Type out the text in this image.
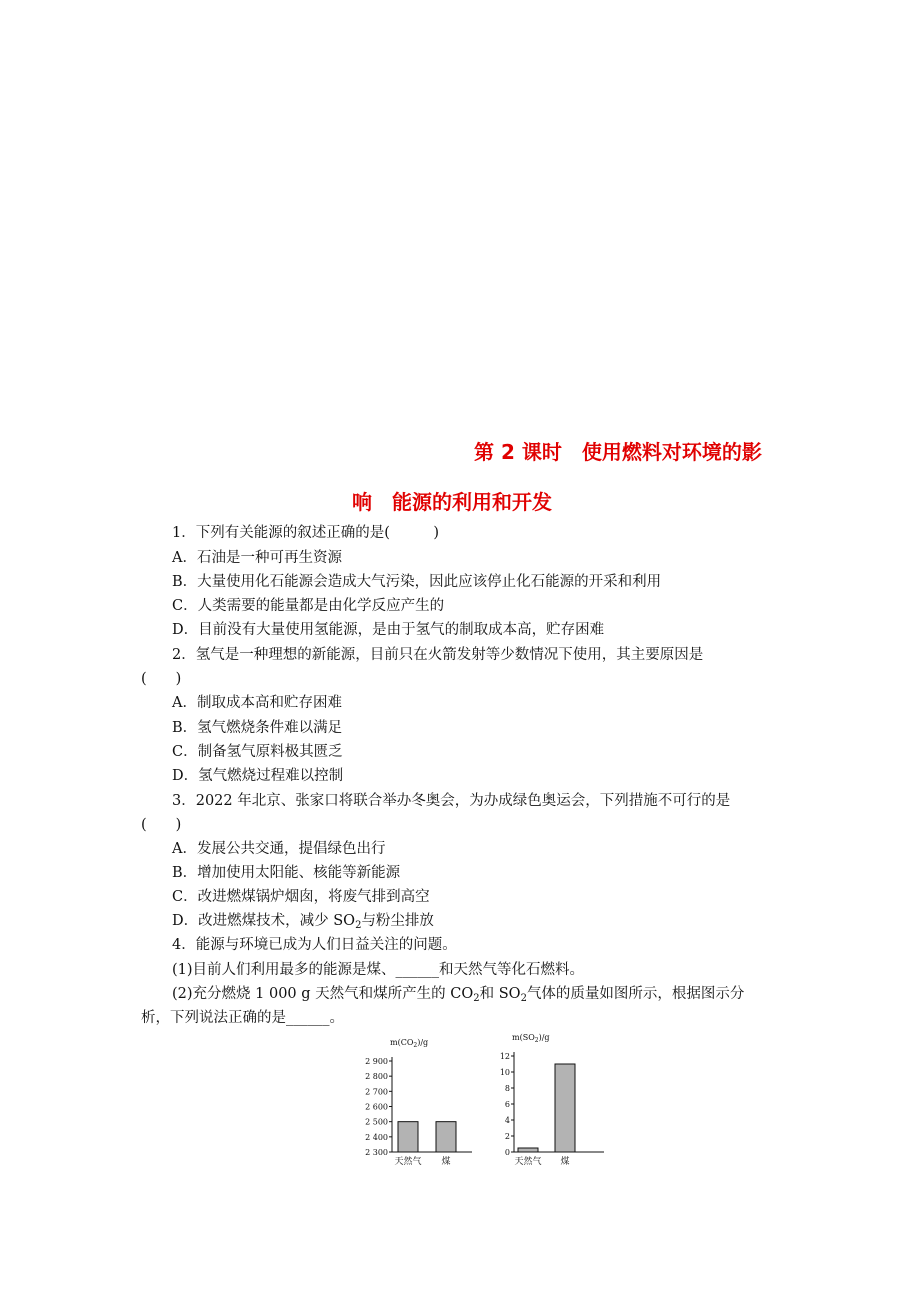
第 2 课时　使用燃料对环境的影
响　能源的利用和开发
1．下列有关能源的叙述正确的是(　　　)
A．石油是一种可再生资源
B．大量使用化石能源会造成大气污染，因此应该停止化石能源的开采和利用
C．人类需要的能量都是由化学反应产生的
D．目前没有大量使用氢能源，是由于氢气的制取成本高，贮存困难
2．氢气是一种理想的新能源，目前只在火箭发射等少数情况下使用，其主要原因是
(　　)
A．制取成本高和贮存困难
B．氢气燃烧条件难以满足
C．制备氢气原料极其匮乏
D．氢气燃烧过程难以控制
3．2022 年北京、张家口将联合举办冬奥会，为办成绿色奥运会，下列措施不可行的是
(　　)
A．发展公共交通，提倡绿色出行
B．增加使用太阳能、核能等新能源
C．改进燃煤锅炉烟囱，将废气排到高空
D．改进燃煤技术，减少 $SO_2$与粉尘排放
4．能源与环境已成为人们日益关注的问题。
(1)目前人们利用最多的能源是煤、______和天然气等化石燃料。
(2)充分燃烧 1 000 g 天然气和煤所产生的 $CO_2$和 $SO_2$气体的质量如图所示，根据图示分
析，下列说法正确的是______。
$m(CO_2)/g$
2 300
2 400
2 500
2 600
2 700
2 800
2 900
天然气 煤
$m(SO_2)/g$
0
2
4
6
8
10
12
天然气 煤
